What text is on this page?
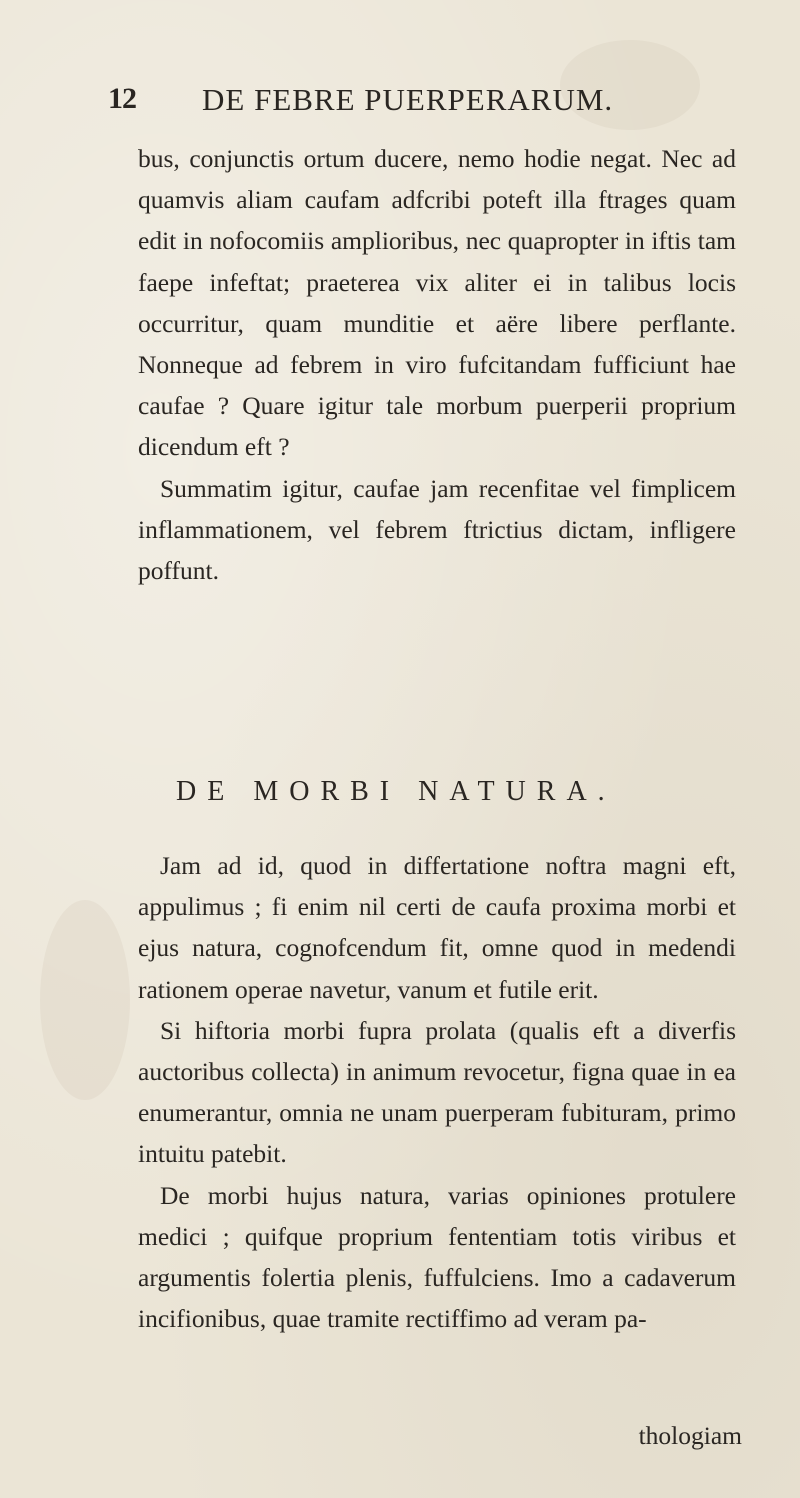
12 DE FEBRE PUERPERARUM.

bus, conjunctis ortum ducere, nemo hodie negat. Nec ad quamvis aliam caufam adfcribi poteft illa ftrages quam edit in nofocomiis amplioribus, nec quapropter in iftis tam faepe infeftat; praeterea vix aliter ei in talibus locis occurritur, quam munditie et aëre libere perflante. Nonneque ad febrem in viro fufcitandam fufficiunt hae caufae ? Quare igitur tale morbum puerperii proprium dicendum eft ?

Summatim igitur, caufae jam recenfitae vel fimplicem inflammationem, vel febrem ftrictius dictam, infligere poffunt.

DE MORBI NATURA.

Jam ad id, quod in differtatione noftra magni eft, appulimus ; fi enim nil certi de caufa proxima morbi et ejus natura, cognofcendum fit, omne quod in medendi rationem operae navetur, vanum et futile erit.

Si hiftoria morbi fupra prolata (qualis eft a diverfis auctoribus collecta) in animum revocetur, figna quae in ea enumerantur, omnia ne unam puerperam fubituram, primo intuitu patebit.

De morbi hujus natura, varias opiniones protulere medici ; quifque proprium fententiam totis viribus et argumentis folertia plenis, fuffulciens. Imo a cadaverum incifionibus, quae tramite rectiffimo ad veram pa-

thologiam
